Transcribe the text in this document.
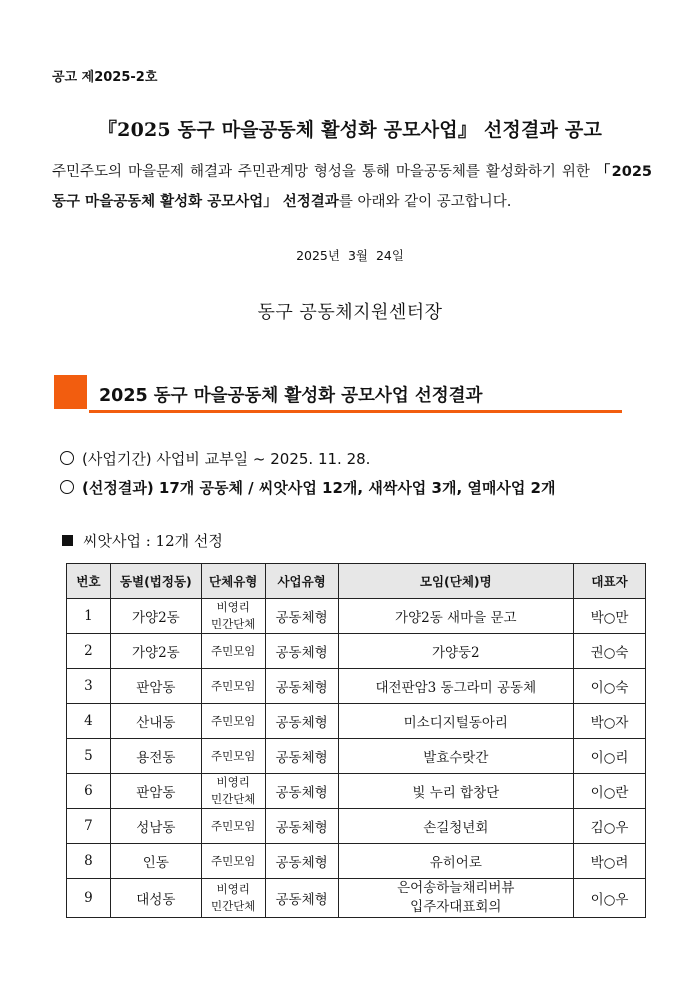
공고 제2025-2호
『2025 동구 마을공동체 활성화 공모사업』 선정결과 공고
주민주도의 마을문제 해결과 주민관계망 형성을 통해 마을공동체를 활성화하기 위한 「2025 동구 마을공동체 활성화 공모사업」 선정결과를 아래와 같이 공고합니다.
2025년 3월 24일
동구 공동체지원센터장
2025 동구 마을공동체 활성화 공모사업 선정결과
(사업기간) 사업비 교부일 ~ 2025. 11. 28.
(선정결과) 17개 공동체 / 씨앗사업 12개, 새싹사업 3개, 열매사업 2개
씨앗사업 : 12개 선정
번호	동별(법정동)	단체유형	사업유형	모임(단체)명	대표자
1	가양2동	비영리
민간단체	공동체형	가양2동 새마을 문고	박○만
2	가양2동	주민모임	공동체형	가양둥2	권○숙
3	판암동	주민모임	공동체형	대전판암3 동그라미 공동체	이○숙
4	산내동	주민모임	공동체형	미소디지털동아리	박○자
5	용전동	주민모임	공동체형	발효수랏간	이○리
6	판암동	비영리
민간단체	공동체형	빛 누리 합창단	이○란
7	성남동	주민모임	공동체형	손길청년회	김○우
8	인동	주민모임	공동체형	유히어로	박○려
9	대성동	비영리
민간단체	공동체형	은어송하늘채리버뷰
입주자대표회의	이○우
